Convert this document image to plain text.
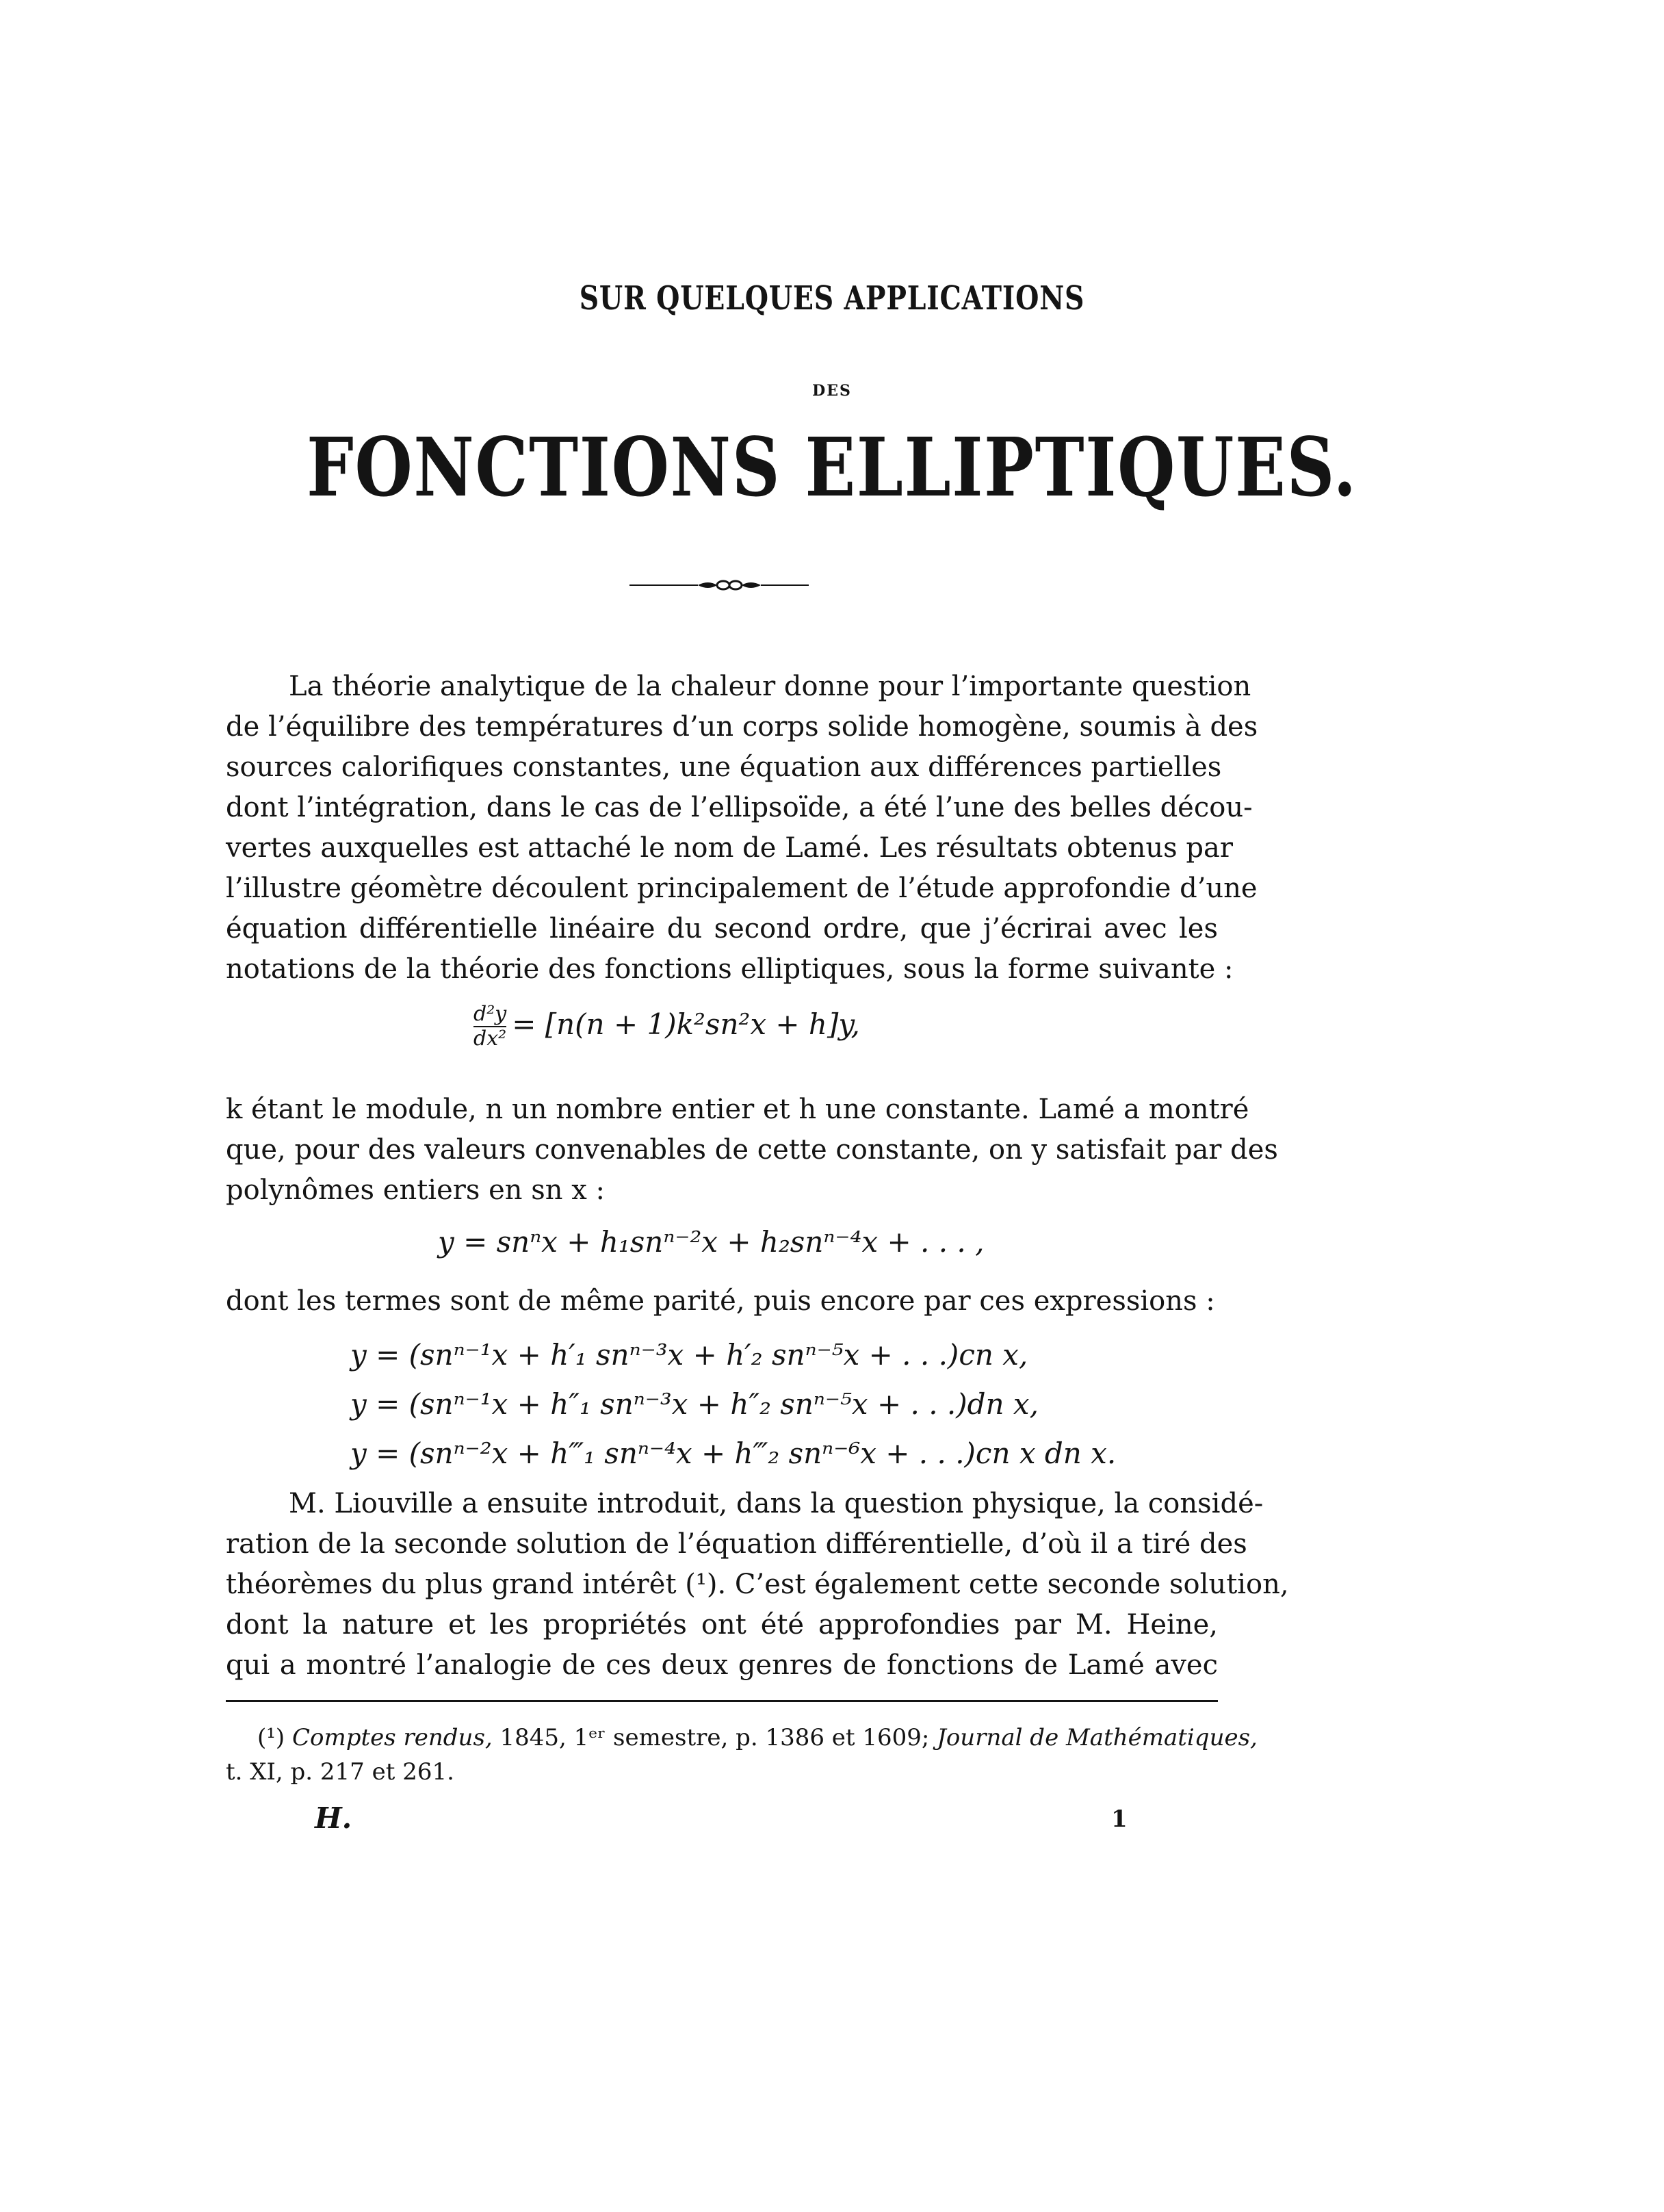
SUR QUELQUES APPLICATIONS
DES
FONCTIONS ELLIPTIQUES.
La théorie analytique de la chaleur donne pour l’importante question
de l’équilibre des températures d’un corps solide homogène, soumis à des
sources calorifiques constantes, une équation aux différences partielles
dont l’intégration, dans le cas de l’ellipsoïde, a été l’une des belles décou-
vertes auxquelles est attaché le nom de Lamé. Les résultats obtenus par
l’illustre géomètre découlent principalement de l’étude approfondie d’une
équation différentielle linéaire du second ordre, que j’écrirai avec les
notations de la théorie des fonctions elliptiques, sous la forme suivante :
$\frac{\text{d²y}}{\text{dx²}} = [n(n + 1)k^2sn^2x + h]y$,
k étant le module, n un nombre entier et h une constante. Lamé a montré
que, pour des valeurs convenables de cette constante, on y satisfait par des
polynômes entiers en sn x :
y = snⁿx + h₁snⁿ⁻²x + h₂snⁿ⁻⁴x + . . . ,
dont les termes sont de même parité, puis encore par ces expressions :
y = (snⁿ⁻¹x + h′₁ snⁿ⁻³x + h′₂ snⁿ⁻⁵x + . . .)cn x,
y = (snⁿ⁻¹x + h″₁ snⁿ⁻³x + h″₂ snⁿ⁻⁵x + . . .)dn x,
y = (snⁿ⁻²x + h‴₁ snⁿ⁻⁴x + h‴₂ snⁿ⁻⁶x + . . .)cn x dn x.
M. Liouville a ensuite introduit, dans la question physique, la considé-
ration de la seconde solution de l’équation différentielle, d’où il a tiré des
théorèmes du plus grand intérêt (¹). C’est également cette seconde solution,
dont la nature et les propriétés ont été approfondies par M. Heine,
qui a montré l’analogie de ces deux genres de fonctions de Lamé avec
(¹) Comptes rendus, 1845, 1ᵉʳ semestre, p. 1386 et 1609; Journal de Mathématiques,
t. XI, p. 217 et 261.
H.	1
